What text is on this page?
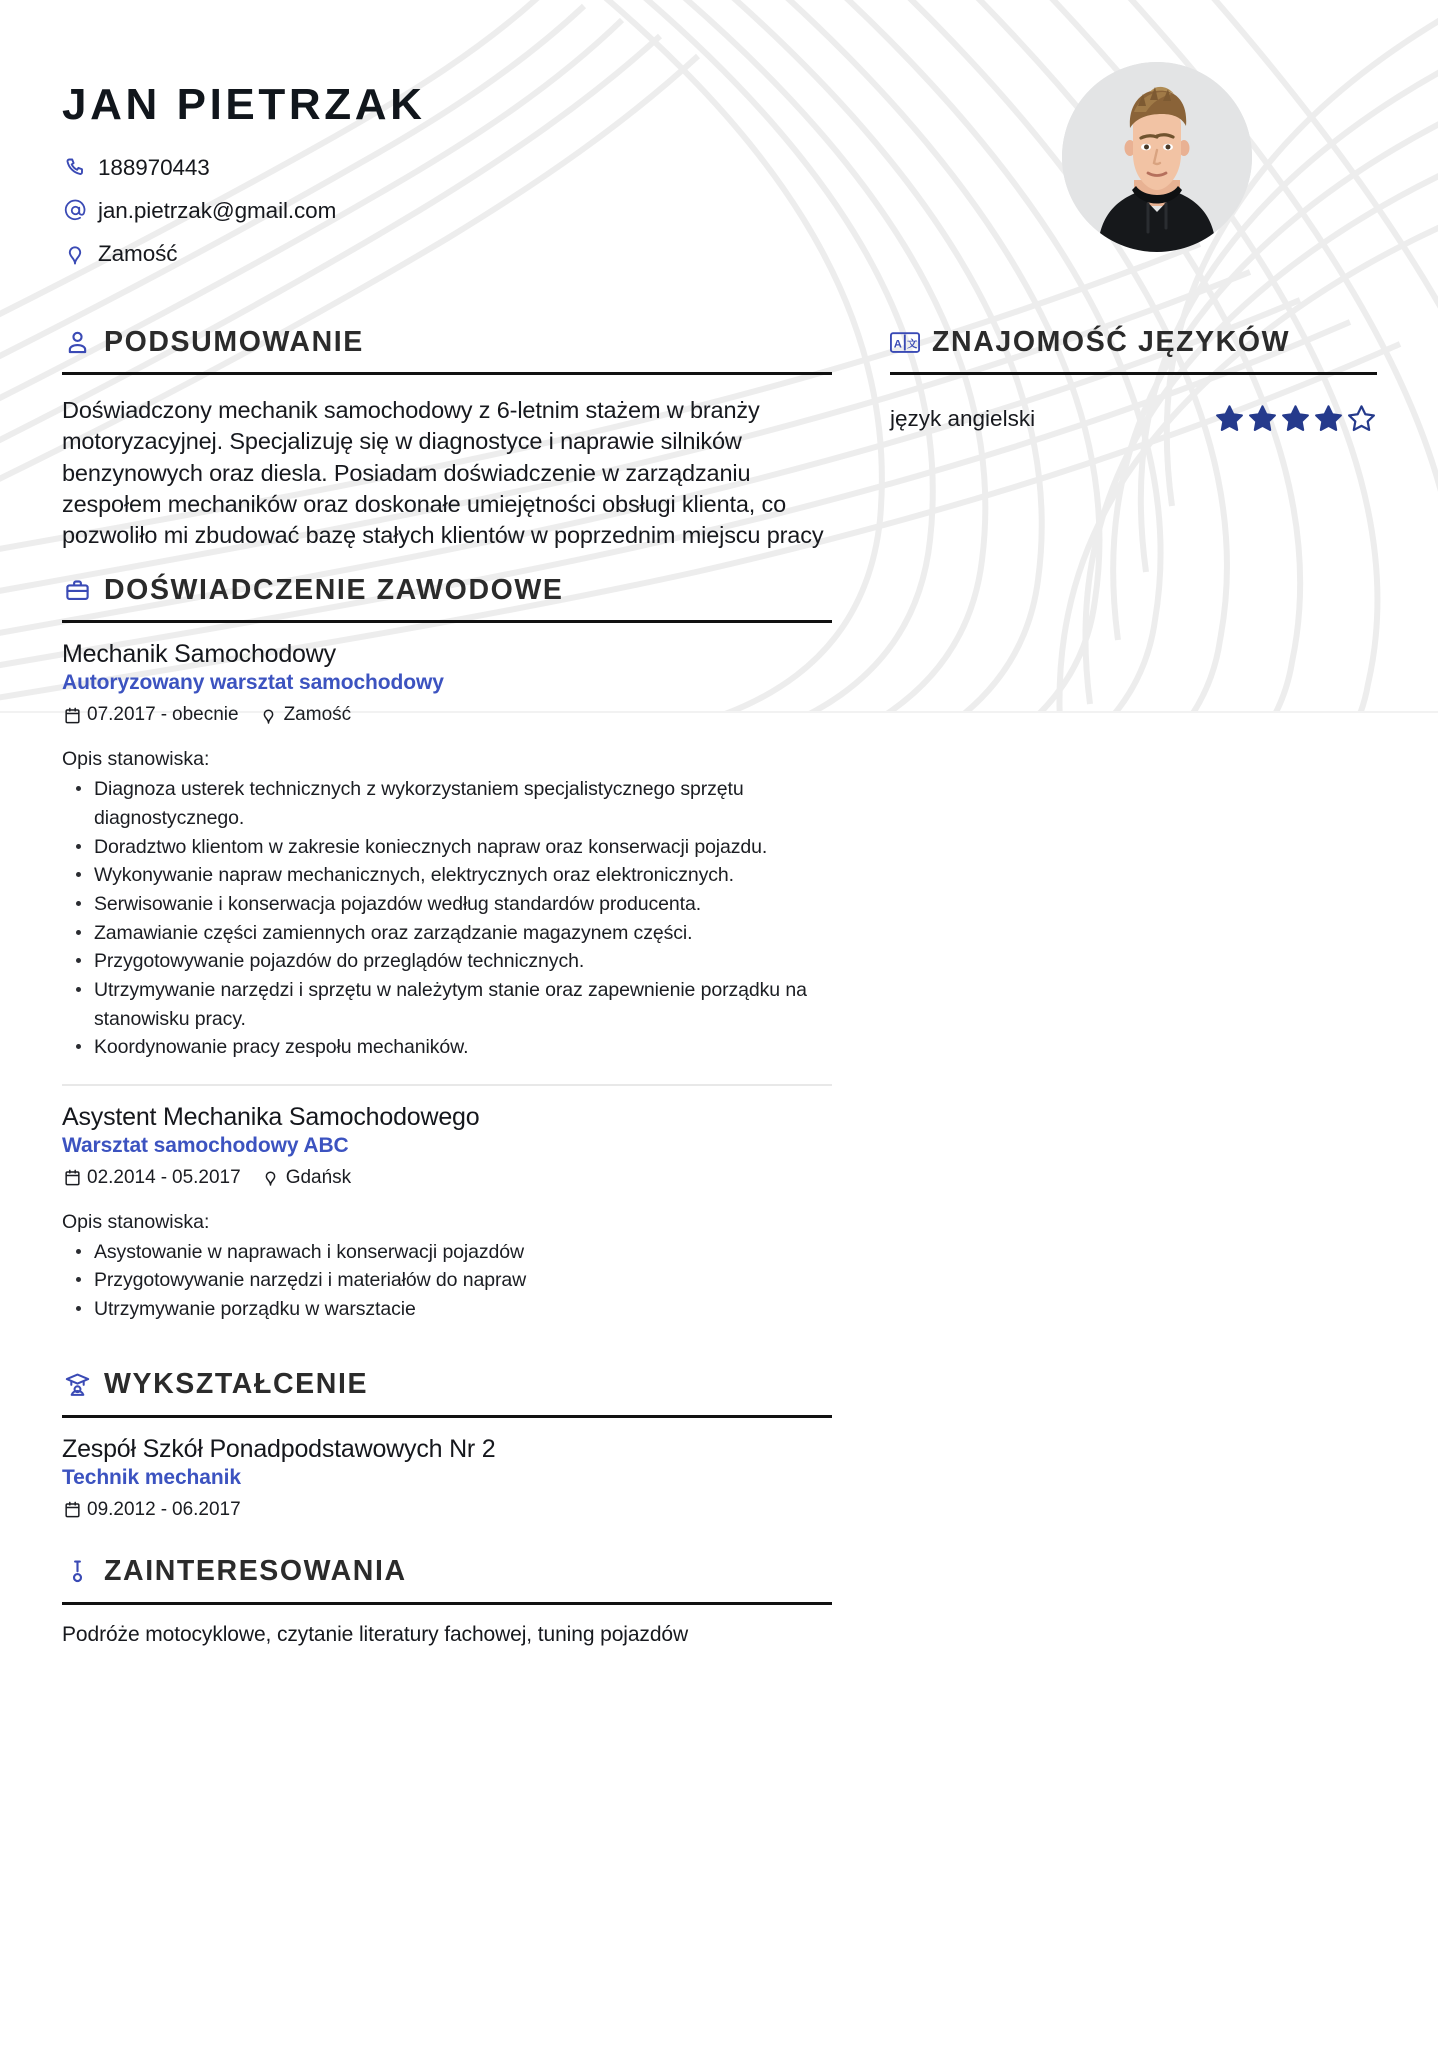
JAN PIETRZAK
188970443
jan.pietrzak@gmail.com
Zamość
PODSUMOWANIE

Doświadczony mechanik samochodowy z 6-letnim stażem w branży motoryzacyjnej. Specjalizuję się w diagnostyce i naprawie silników benzynowych oraz diesla. Posiadam doświadczenie w zarządzaniu zespołem mechaników oraz doskonałe umiejętności obsługi klienta, co pozwoliło mi zbudować bazę stałych klientów w poprzednim miejscu pracy

DOŚWIADCZENIE ZAWODOWE
Mechanik Samochodowy
Autoryzowany warsztat samochodowy
07.2017 - obecnie Zamość
Opis stanowiska:
Diagnoza usterek technicznych z wykorzystaniem specjalistycznego sprzętu diagnostycznego.
Doradztwo klientom w zakresie koniecznych napraw oraz konserwacji pojazdu.
Wykonywanie napraw mechanicznych, elektrycznych oraz elektronicznych.
Serwisowanie i konserwacja pojazdów według standardów producenta.
Zamawianie części zamiennych oraz zarządzanie magazynem części.
Przygotowywanie pojazdów do przeglądów technicznych.
Utrzymywanie narzędzi i sprzętu w należytym stanie oraz zapewnienie porządku na stanowisku pracy.
Koordynowanie pracy zespołu mechaników.
Asystent Mechanika Samochodowego
Warsztat samochodowy ABC
02.2014 - 05.2017 Gdańsk
Opis stanowiska:
Asystowanie w naprawach i konserwacji pojazdów
Przygotowywanie narzędzi i materiałów do napraw
Utrzymywanie porządku w warsztacie
WYKSZTAŁCENIE
Zespół Szkół Ponadpodstawowych Nr 2
Technik mechanik
09.2012 - 06.2017
ZAINTERESOWANIA

Podróże motocyklowe, czytanie literatury fachowej, tuning pojazdów

A 文 ZNAJOMOŚĆ JĘZYKÓW
język angielski
